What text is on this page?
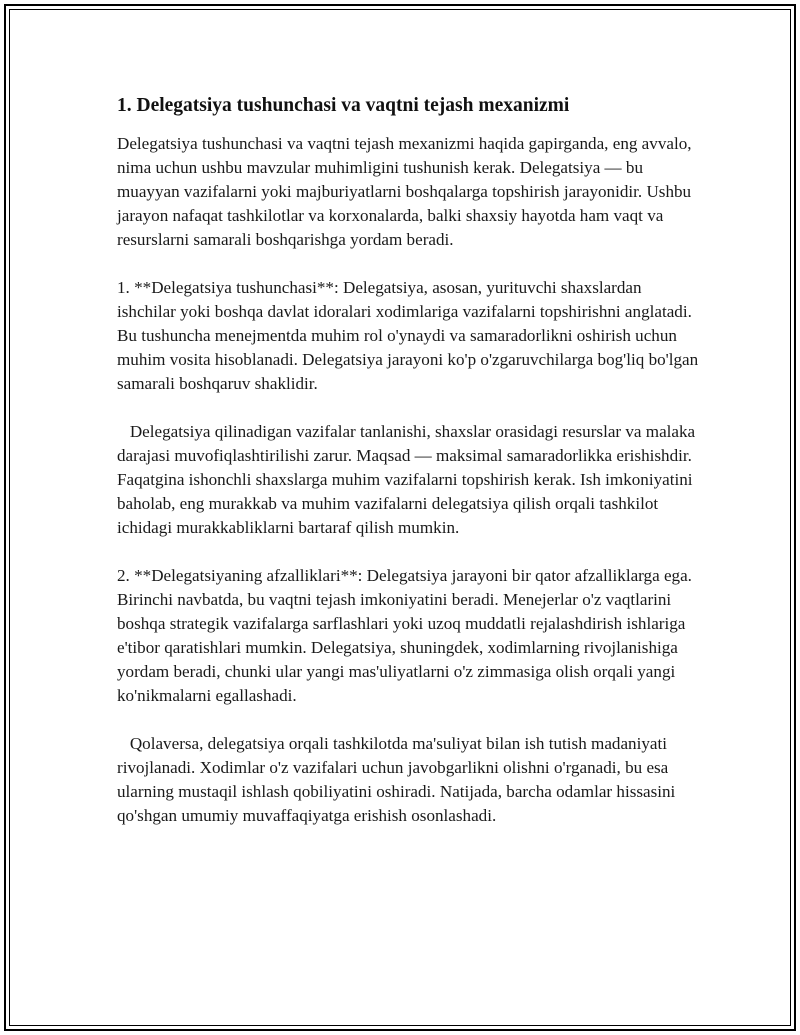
1. Delegatsiya tushunchasi va vaqtni tejash mexanizmi

Delegatsiya tushunchasi va vaqtni tejash mexanizmi haqida gapirganda, eng avvalo, nima uchun ushbu mavzular muhimligini tushunish kerak. Delegatsiya — bu muayyan vazifalarni yoki majburiyatlarni boshqalarga topshirish jarayonidir. Ushbu jarayon nafaqat tashkilotlar va korxonalarda, balki shaxsiy hayotda ham vaqt va resurslarni samarali boshqarishga yordam beradi.

1. **Delegatsiya tushunchasi**: Delegatsiya, asosan, yurituvchi shaxslardan ishchilar yoki boshqa davlat idoralari xodimlariga vazifalarni topshirishni anglatadi. Bu tushuncha menejmentda muhim rol o'ynaydi va samaradorlikni oshirish uchun muhim vosita hisoblanadi. Delegatsiya jarayoni ko'p o'zgaruvchilarga bog'liq bo'lgan samarali boshqaruv shaklidir.

Delegatsiya qilinadigan vazifalar tanlanishi, shaxslar orasidagi resurslar va malaka darajasi muvofiqlashtirilishi zarur. Maqsad — maksimal samaradorlikka erishishdir. Faqatgina ishonchli shaxslarga muhim vazifalarni topshirish kerak. Ish imkoniyatini baholab, eng murakkab va muhim vazifalarni delegatsiya qilish orqali tashkilot ichidagi murakkabliklarni bartaraf qilish mumkin.

2. **Delegatsiyaning afzalliklari**: Delegatsiya jarayoni bir qator afzalliklarga ega. Birinchi navbatda, bu vaqtni tejash imkoniyatini beradi. Menejerlar o'z vaqtlarini boshqa strategik vazifalarga sarflashlari yoki uzoq muddatli rejalashdirish ishlariga e'tibor qaratishlari mumkin. Delegatsiya, shuningdek, xodimlarning rivojlanishiga yordam beradi, chunki ular yangi mas'uliyatlarni o'z zimmasiga olish orqali yangi ko'nikmalarni egallashadi.

Qolaversa, delegatsiya orqali tashkilotda ma'suliyat bilan ish tutish madaniyati rivojlanadi. Xodimlar o'z vazifalari uchun javobgarlikni olishni o'rganadi, bu esa ularning mustaqil ishlash qobiliyatini oshiradi. Natijada, barcha odamlar hissasini qo'shgan umumiy muvaffaqiyatga erishish osonlashadi.
